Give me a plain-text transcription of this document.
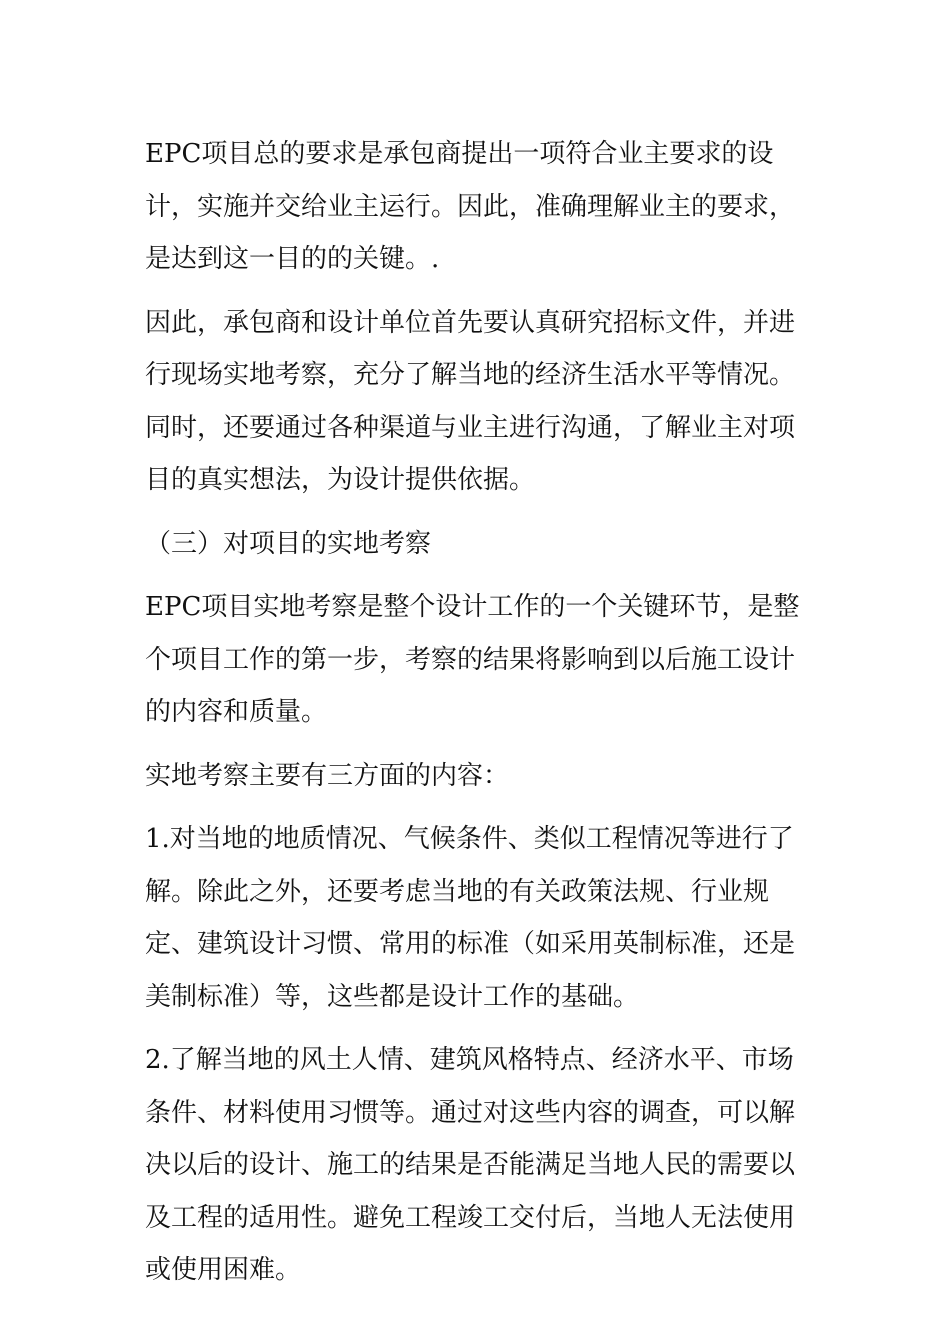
EPC项目总的要求是承包商提出一项符合业主要求的设计，实施并交给业主运行。因此，准确理解业主的要求，是达到这一目的的关键。.

因此，承包商和设计单位首先要认真研究招标文件，并进行现场实地考察，充分了解当地的经济生活水平等情况。同时，还要通过各种渠道与业主进行沟通，了解业主对项目的真实想法，为设计提供依据。

（三）对项目的实地考察

EPC项目实地考察是整个设计工作的一个关键环节，是整个项目工作的第一步，考察的结果将影响到以后施工设计的内容和质量。

实地考察主要有三方面的内容：

1.对当地的地质情况、气候条件、类似工程情况等进行了解。除此之外，还要考虑当地的有关政策法规、行业规定、建筑设计习惯、常用的标准（如采用英制标准，还是美制标准）等，这些都是设计工作的基础。

2.了解当地的风土人情、建筑风格特点、经济水平、市场条件、材料使用习惯等。通过对这些内容的调查，可以解决以后的设计、施工的结果是否能满足当地人民的需要以及工程的适用性。避免工程竣工交付后，当地人无法使用或使用困难。
